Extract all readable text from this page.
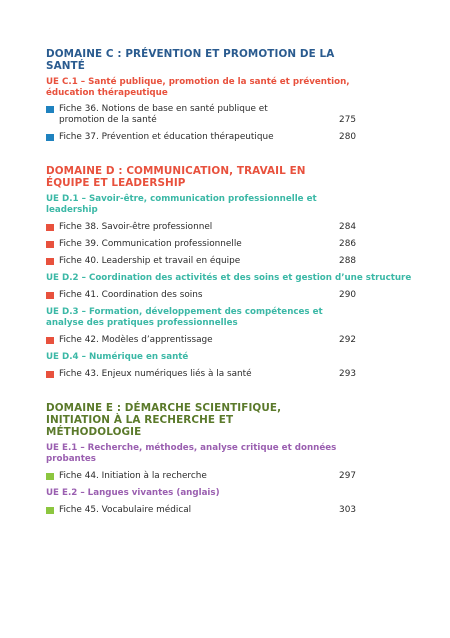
DOMAINE C : PRÉVENTION ET PROMOTION DE LA SANTÉ

UE C.1 – Santé publique, promotion de la santé et prévention, éducation thérapeutique

Fiche 36. Notions de base en santé publique et promotion de la santé	275
Fiche 37. Prévention et éducation thérapeutique	280
DOMAINE D : COMMUNICATION, TRAVAIL EN ÉQUIPE ET LEADERSHIP

UE D.1 – Savoir-être, communication professionnelle et leadership

Fiche 38. Savoir-être professionnel	284
Fiche 39. Communication professionnelle	286
Fiche 40. Leadership et travail en équipe	288

UE D.2 – Coordination des activités et des soins et gestion d’une structure

Fiche 41. Coordination des soins	290

UE D.3 – Formation, développement des compétences et analyse des pratiques professionnelles

Fiche 42. Modèles d’apprentissage	292

UE D.4 – Numérique en santé

Fiche 43. Enjeux numériques liés à la santé	293
DOMAINE E : DÉMARCHE SCIENTIFIQUE, INITIATION À LA RECHERCHE ET MÉTHODOLOGIE

UE E.1 – Recherche, méthodes, analyse critique et données probantes

Fiche 44. Initiation à la recherche	297

UE E.2 – Langues vivantes (anglais)

Fiche 45. Vocabulaire médical	303
